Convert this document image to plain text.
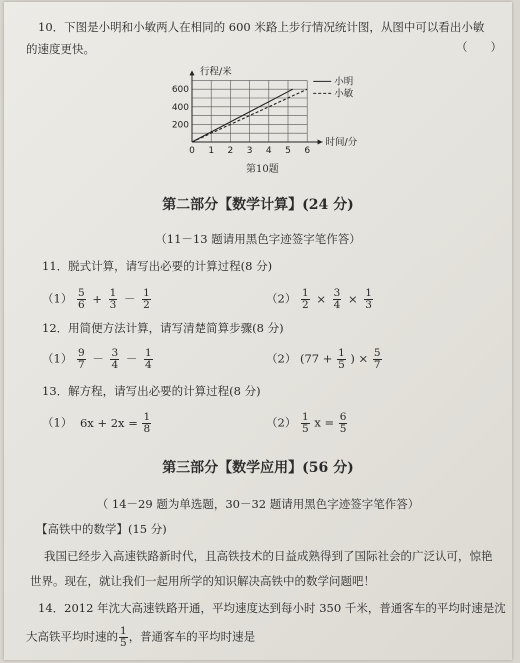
10．下图是小明和小敏两人在相同的 600 米路上步行情况统计图，从图中可以看出小敏
的速度更快。	（　　）
0 1 2 3 4 5 6
200
400
600
行程/米
时间/分
小明
小敏
第10题
第二部分【数学计算】(24 分)
（11－13 题请用黑色字迹签字笔作答）
11．脱式计算，请写出必要的计算过程(8 分)
$(1) \frac{5}{6} + \frac{1}{3} - \frac{1}{2}$	$(2) \frac{1}{2} \times \frac{3}{4} \times \frac{1}{3}$
12．用简便方法计算，请写清楚简算步骤(8 分)
$(1) \frac{9}{7} - \frac{3}{4} - \frac{1}{4}$	（2） ($77 + \frac{1}{5}$ ) × $\frac{5}{7}$
13．解方程，请写出必要的计算过程(8 分)
（1） $6x + 2x = \frac{1}{8}$	$(2) \frac{1}{5}$ $x = \frac{6}{5}$
第三部分【数学应用】(56 分)
（ 14－29 题为单选题，30－32 题请用黑色字迹签字笔作答）
【高铁中的数学】(15 分)
我国已经步入高速铁路新时代，且高铁技术的日益成熟得到了国际社会的广泛认可，惊艳
世界。现在，就让我们一起用所学的知识解决高铁中的数学问题吧！
14．2012 年沈大高速铁路开通，平均速度达到每小时 350 千米，普通客车的平均时速是沈
大高铁平均时速的 $\frac{1}{5}$ ，普通客车的平均时速是
